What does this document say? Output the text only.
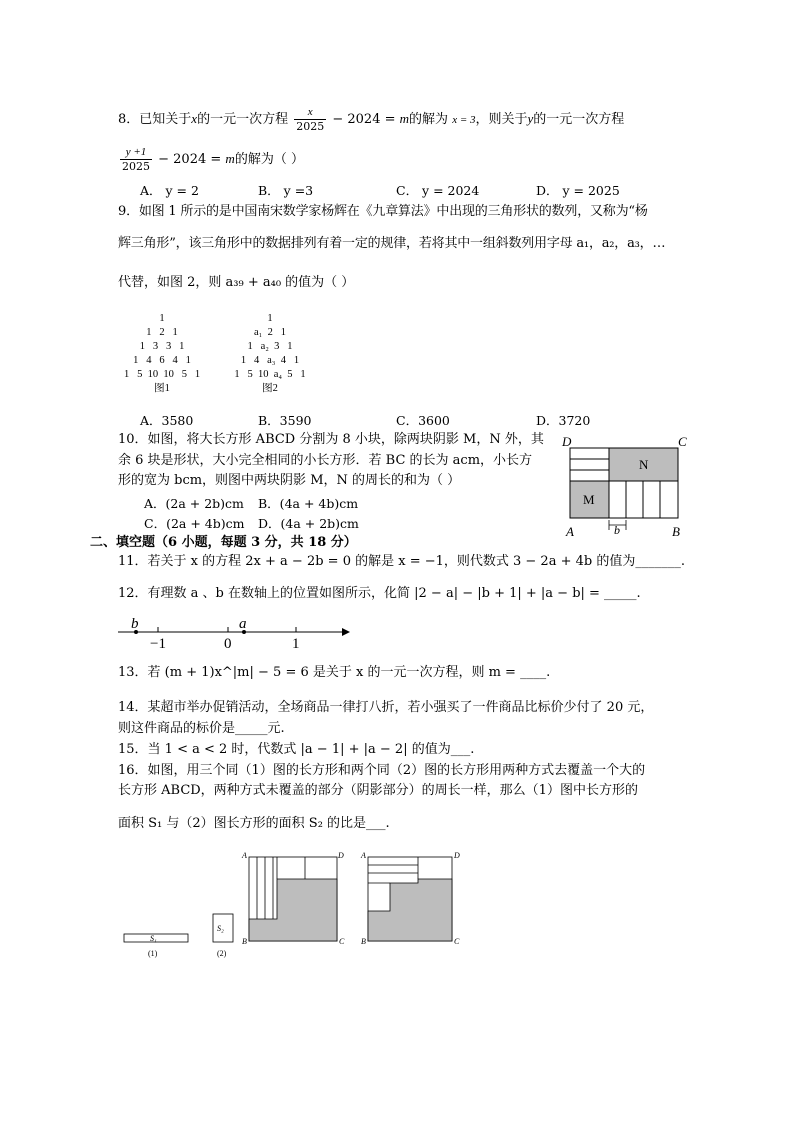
8．已知关于x的一元一次方程 $\frac{x}{2025} - 2024 = m$的解为 x = 3，则关于y的一元一次方程
$\frac{y +1}{2025} - 2024 = m$的解为（ ）
A． y = 2	B． y =3	C． y = 2024	D． y = 2025
9．如图 1 所示的是中国南宋数学家杨辉在《九章算法》中出现的三角形状的数列，又称为“杨
辉三角形”，该三角形中的数据排列有着一定的规律，若将其中一组斜数列用字母 a₁，a₂，a₃，…
代替，如图 2，则 a₃₉ + a₄₀ 的值为（ ）
1
1   2   1
1   3   3   1
1   4   6   4   1
1   5  10  10   5   1
图1
1
a₁  2   1
1   a₂  3   1
1   4   a₃  4   1
1   5  10  a₄  5   1
图2
A．3580	B．3590	C．3600	D．3720
10．如图，将大长方形 ABCD 分割为 8 小块，除两块阴影 M，N 外，其
余 6 块是形状，大小完全相同的小长方形．若 BC 的长为 acm，小长方
形的宽为 bcm，则图中两块阴影 M，N 的周长的和为（ ）
A．(2a + 2b)cm B．(4a + 4b)cm
C．(2a + 4b)cm D．(4a + 2b)cm
D	C
A	B
N
M
b
二、填空题（6 小题，每题 3 分，共 18 分）
11．若关于 x 的方程 2x + a − 2b = 0 的解是 x = −1，则代数式 3 − 2a + 4b 的值为_______.
12．有理数 a 、b 在数轴上的位置如图所示，化简 |2 − a| − |b + 1| + |a − b| = _____.
b	a
−1	0	1
13．若 (m + 1)x^|m| − 5 = 6 是关于 x 的一元一次方程，则 m = ____.
14．某超市举办促销活动，全场商品一律打八折，若小强买了一件商品比标价少付了 20 元，
则这件商品的标价是_____元.
15．当 1 < a < 2 时，代数式 |a − 1| + |a − 2| 的值为___.
16．如图，用三个同（1）图的长方形和两个同（2）图的长方形用两种方式去覆盖一个大的
长方形 ABCD，两种方式未覆盖的部分（阴影部分）的周长一样，那么（1）图中长方形的
面积 S₁ 与（2）图长方形的面积 S₂ 的比是___.
S₁
(1)
S₂
(2)
A	D
B	C
A	D
B	C
